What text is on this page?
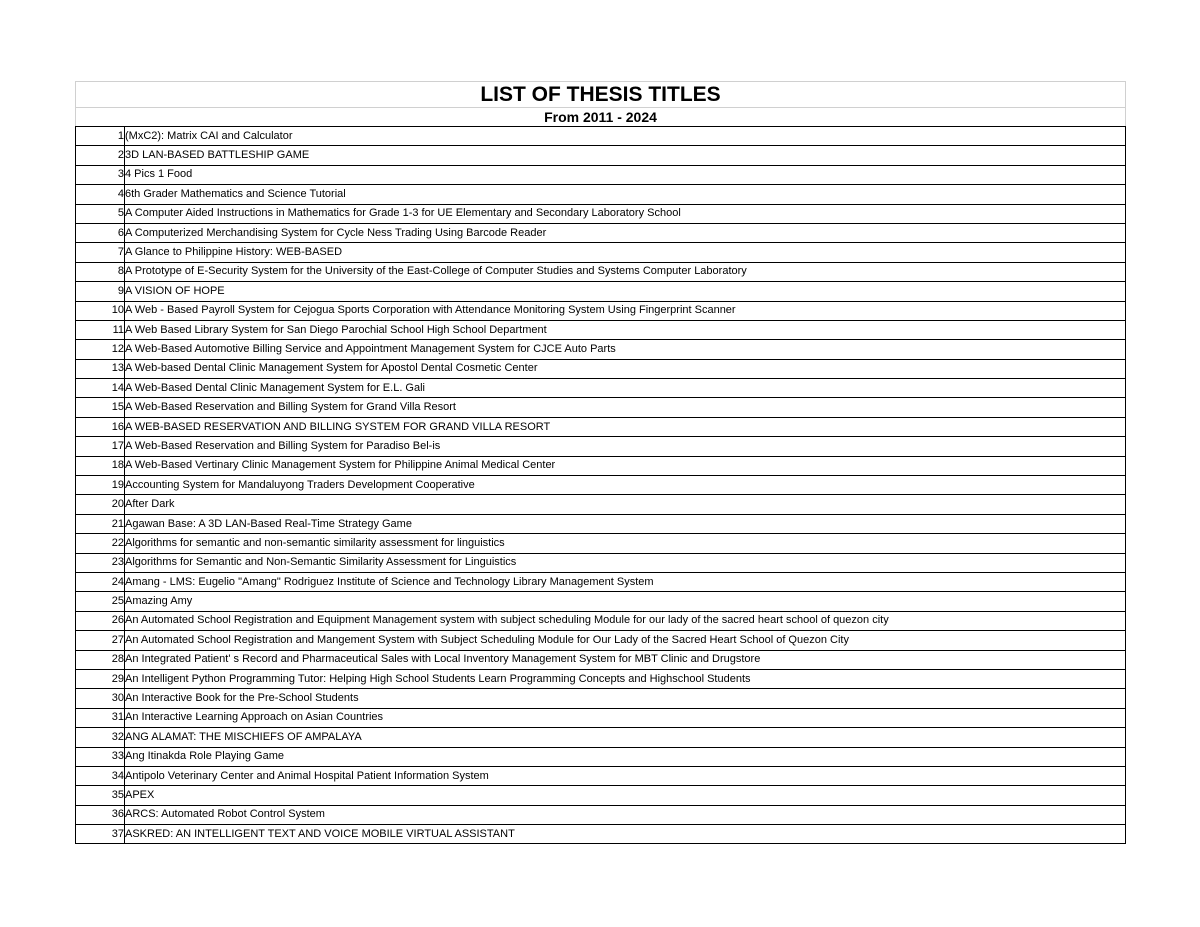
LIST OF THESIS TITLES	
From 2011 - 2024	
1	(MxC2): Matrix CAI and Calculator
2	3D LAN-BASED BATTLESHIP GAME
3	4 Pics 1 Food
4	6th Grader Mathematics and Science Tutorial
5	A Computer Aided Instructions in Mathematics for Grade 1-3 for UE Elementary and Secondary Laboratory School
6	A Computerized Merchandising System for Cycle Ness Trading Using Barcode Reader
7	A Glance to Philippine History: WEB-BASED
8	A Prototype of E-Security System for the University of the East-College of Computer Studies and Systems Computer Laboratory
9	A VISION OF HOPE
10	A Web - Based Payroll System for Cejogua Sports Corporation with Attendance Monitoring System Using Fingerprint Scanner
11	A Web Based Library System for San Diego Parochial School High School Department
12	A Web-Based Automotive Billing Service and Appointment Management System for CJCE Auto Parts
13	A Web-based Dental Clinic Management System for Apostol Dental Cosmetic Center
14	A Web-Based Dental Clinic Management System for E.L. Gali
15	A Web-Based Reservation and Billing System for Grand Villa Resort
16	A WEB-BASED RESERVATION AND BILLING SYSTEM FOR GRAND VILLA RESORT
17	A Web-Based Reservation and Billing System for Paradiso Bel-is
18	A Web-Based Vertinary Clinic Management System for Philippine Animal Medical Center
19	Accounting System for Mandaluyong Traders Development Cooperative
20	After Dark
21	Agawan Base: A 3D LAN-Based Real-Time Strategy Game
22	Algorithms for semantic and non-semantic similarity assessment for linguistics
23	Algorithms for Semantic and Non-Semantic Similarity Assessment for Linguistics
24	Amang - LMS: Eugelio "Amang" Rodriguez Institute of Science and Technology Library Management System
25	Amazing Amy
26	An Automated School Registration and Equipment Management system with subject scheduling Module for our lady of the sacred heart school of quezon city
27	An Automated School Registration and Mangement System with Subject Scheduling Module for Our Lady of the Sacred Heart School of Quezon City
28	An Integrated Patient' s Record and Pharmaceutical Sales with Local Inventory Management System for MBT Clinic and Drugstore
29	An Intelligent Python Programming Tutor: Helping High School Students Learn Programming Concepts and Highschool Students
30	An Interactive Book for the Pre-School Students
31	An Interactive Learning Approach on Asian Countries
32	ANG ALAMAT: THE MISCHIEFS OF AMPALAYA
33	Ang Itinakda Role Playing Game
34	Antipolo Veterinary Center and Animal Hospital Patient Information System
35	APEX
36	ARCS: Automated Robot Control System
37	ASKRED: AN INTELLIGENT TEXT AND VOICE MOBILE VIRTUAL ASSISTANT
